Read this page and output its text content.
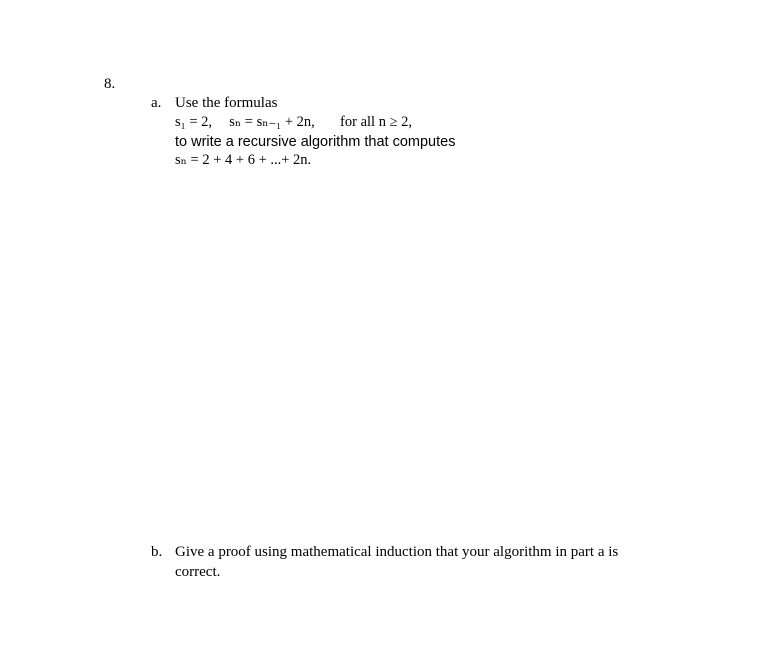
8.
a. Use the formulas
s₁ = 2, sₙ = sₙ₋₁ + 2n, for all n ≥ 2,
to write a recursive algorithm that computes
sₙ = 2 + 4 + 6 + ...+ 2n.
b. Give a proof using mathematical induction that your algorithm in part a is
correct.
